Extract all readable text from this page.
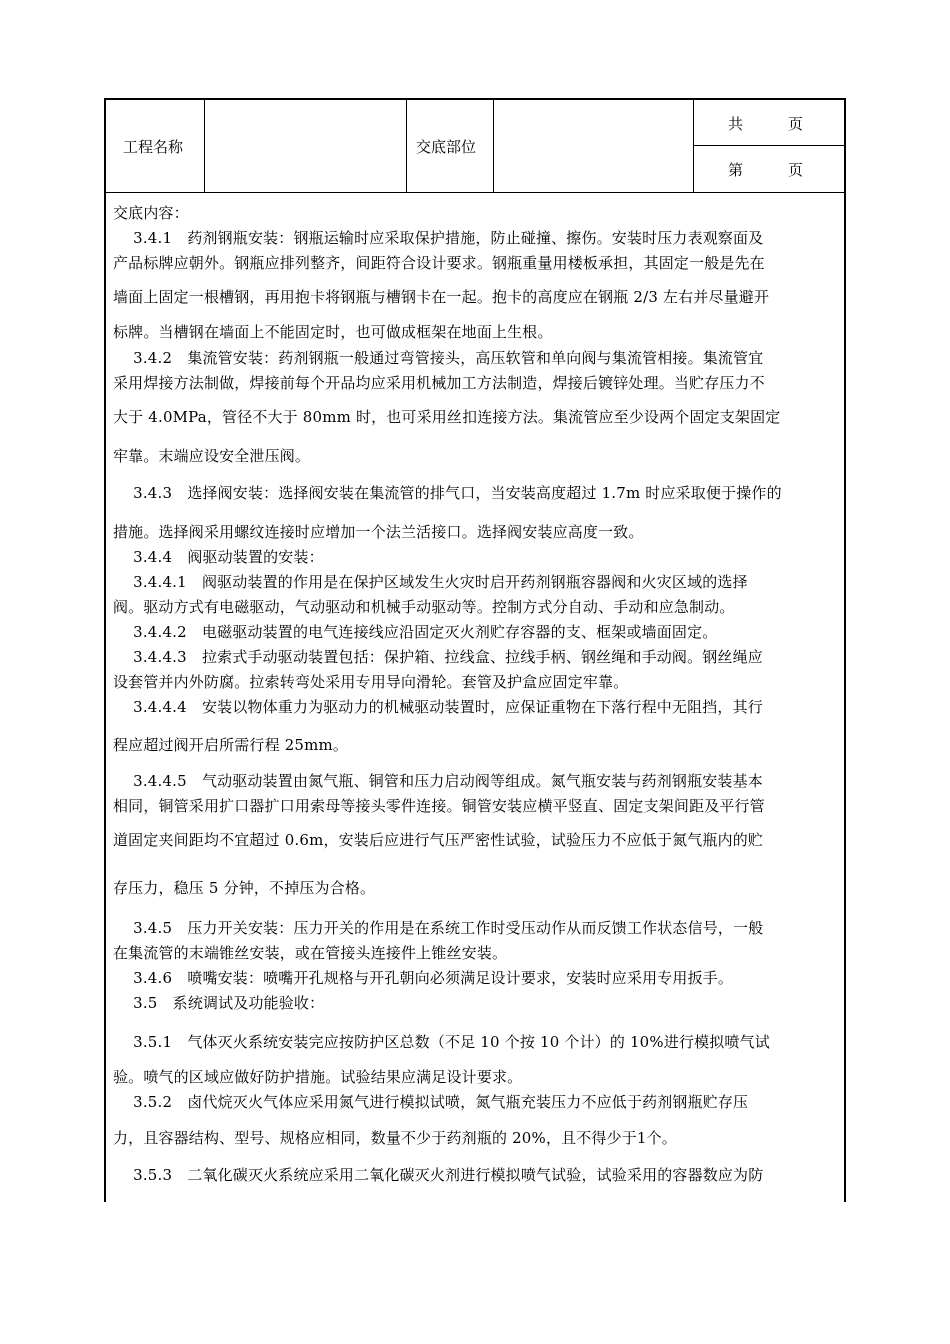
工程名称	交底部位
共　　　页
第　　　页
交底内容：
　 3.4.1　药剂钢瓶安装：钢瓶运输时应采取保护措施，防止碰撞、擦伤。安装时压力表观察面及
产品标牌应朝外。钢瓶应排列整齐，间距符合设计要求。钢瓶重量用楼板承担，其固定一般是先在
墙面上固定一根槽钢，再用抱卡将钢瓶与槽钢卡在一起。抱卡的高度应在钢瓶 2/3 左右并尽量避开
标牌。当槽钢在墙面上不能固定时，也可做成框架在地面上生根。
　 3.4.2　集流管安装：药剂钢瓶一般通过弯管接头，高压软管和单向阀与集流管相接。集流管宜
采用焊接方法制做，焊接前每个开品均应采用机械加工方法制造，焊接后镀锌处理。当贮存压力不
大于 4.0MPa，管径不大于 80mm 时，也可采用丝扣连接方法。集流管应至少设两个固定支架固定
牢靠。末端应设安全泄压阀。
　 3.4.3　选择阀安装：选择阀安装在集流管的排气口，当安装高度超过 1.7m 时应采取便于操作的
措施。选择阀采用螺纹连接时应增加一个法兰活接口。选择阀安装应高度一致。
　 3.4.4　阀驱动装置的安装：
　 3.4.4.1　阀驱动装置的作用是在保护区域发生火灾时启开药剂钢瓶容器阀和火灾区域的选择
阀。驱动方式有电磁驱动，气动驱动和机械手动驱动等。控制方式分自动、手动和应急制动。
　 3.4.4.2　电磁驱动装置的电气连接线应沿固定灭火剂贮存容器的支、框架或墙面固定。
　 3.4.4.3　拉索式手动驱动装置包括：保护箱、拉线盒、拉线手柄、钢丝绳和手动阀。钢丝绳应
设套管并内外防腐。拉索转弯处采用专用导向滑轮。套管及护盒应固定牢靠。
　 3.4.4.4　安装以物体重力为驱动力的机械驱动装置时，应保证重物在下落行程中无阻挡，其行
程应超过阀开启所需行程 25mm。
　 3.4.4.5　气动驱动装置由氮气瓶、铜管和压力启动阀等组成。氮气瓶安装与药剂钢瓶安装基本
相同，铜管采用扩口器扩口用索母等接头零件连接。铜管安装应横平竖直、固定支架间距及平行管
道固定夹间距均不宜超过 0.6m，安装后应进行气压严密性试验，试验压力不应低于氮气瓶内的贮
存压力，稳压 5 分钟，不掉压为合格。
　 3.4.5　压力开关安装：压力开关的作用是在系统工作时受压动作从而反馈工作状态信号，一般
在集流管的末端锥丝安装，或在管接头连接件上锥丝安装。
　 3.4.6　喷嘴安装：喷嘴开孔规格与开孔朝向必须满足设计要求，安装时应采用专用扳手。
　 3.5　系统调试及功能验收：
　 3.5.1　气体灭火系统安装完应按防护区总数（不足 10 个按 10 个计）的 10%进行模拟喷气试
验。喷气的区域应做好防护措施。试验结果应满足设计要求。
　 3.5.2　卤代烷灭火气体应采用氮气进行模拟试喷，氮气瓶充装压力不应低于药剂钢瓶贮存压
力，且容器结构、型号、规格应相同，数量不少于药剂瓶的 20%，且不得少于1个。
　 3.5.3　二氧化碳灭火系统应采用二氧化碳灭火剂进行模拟喷气试验，试验采用的容器数应为防
